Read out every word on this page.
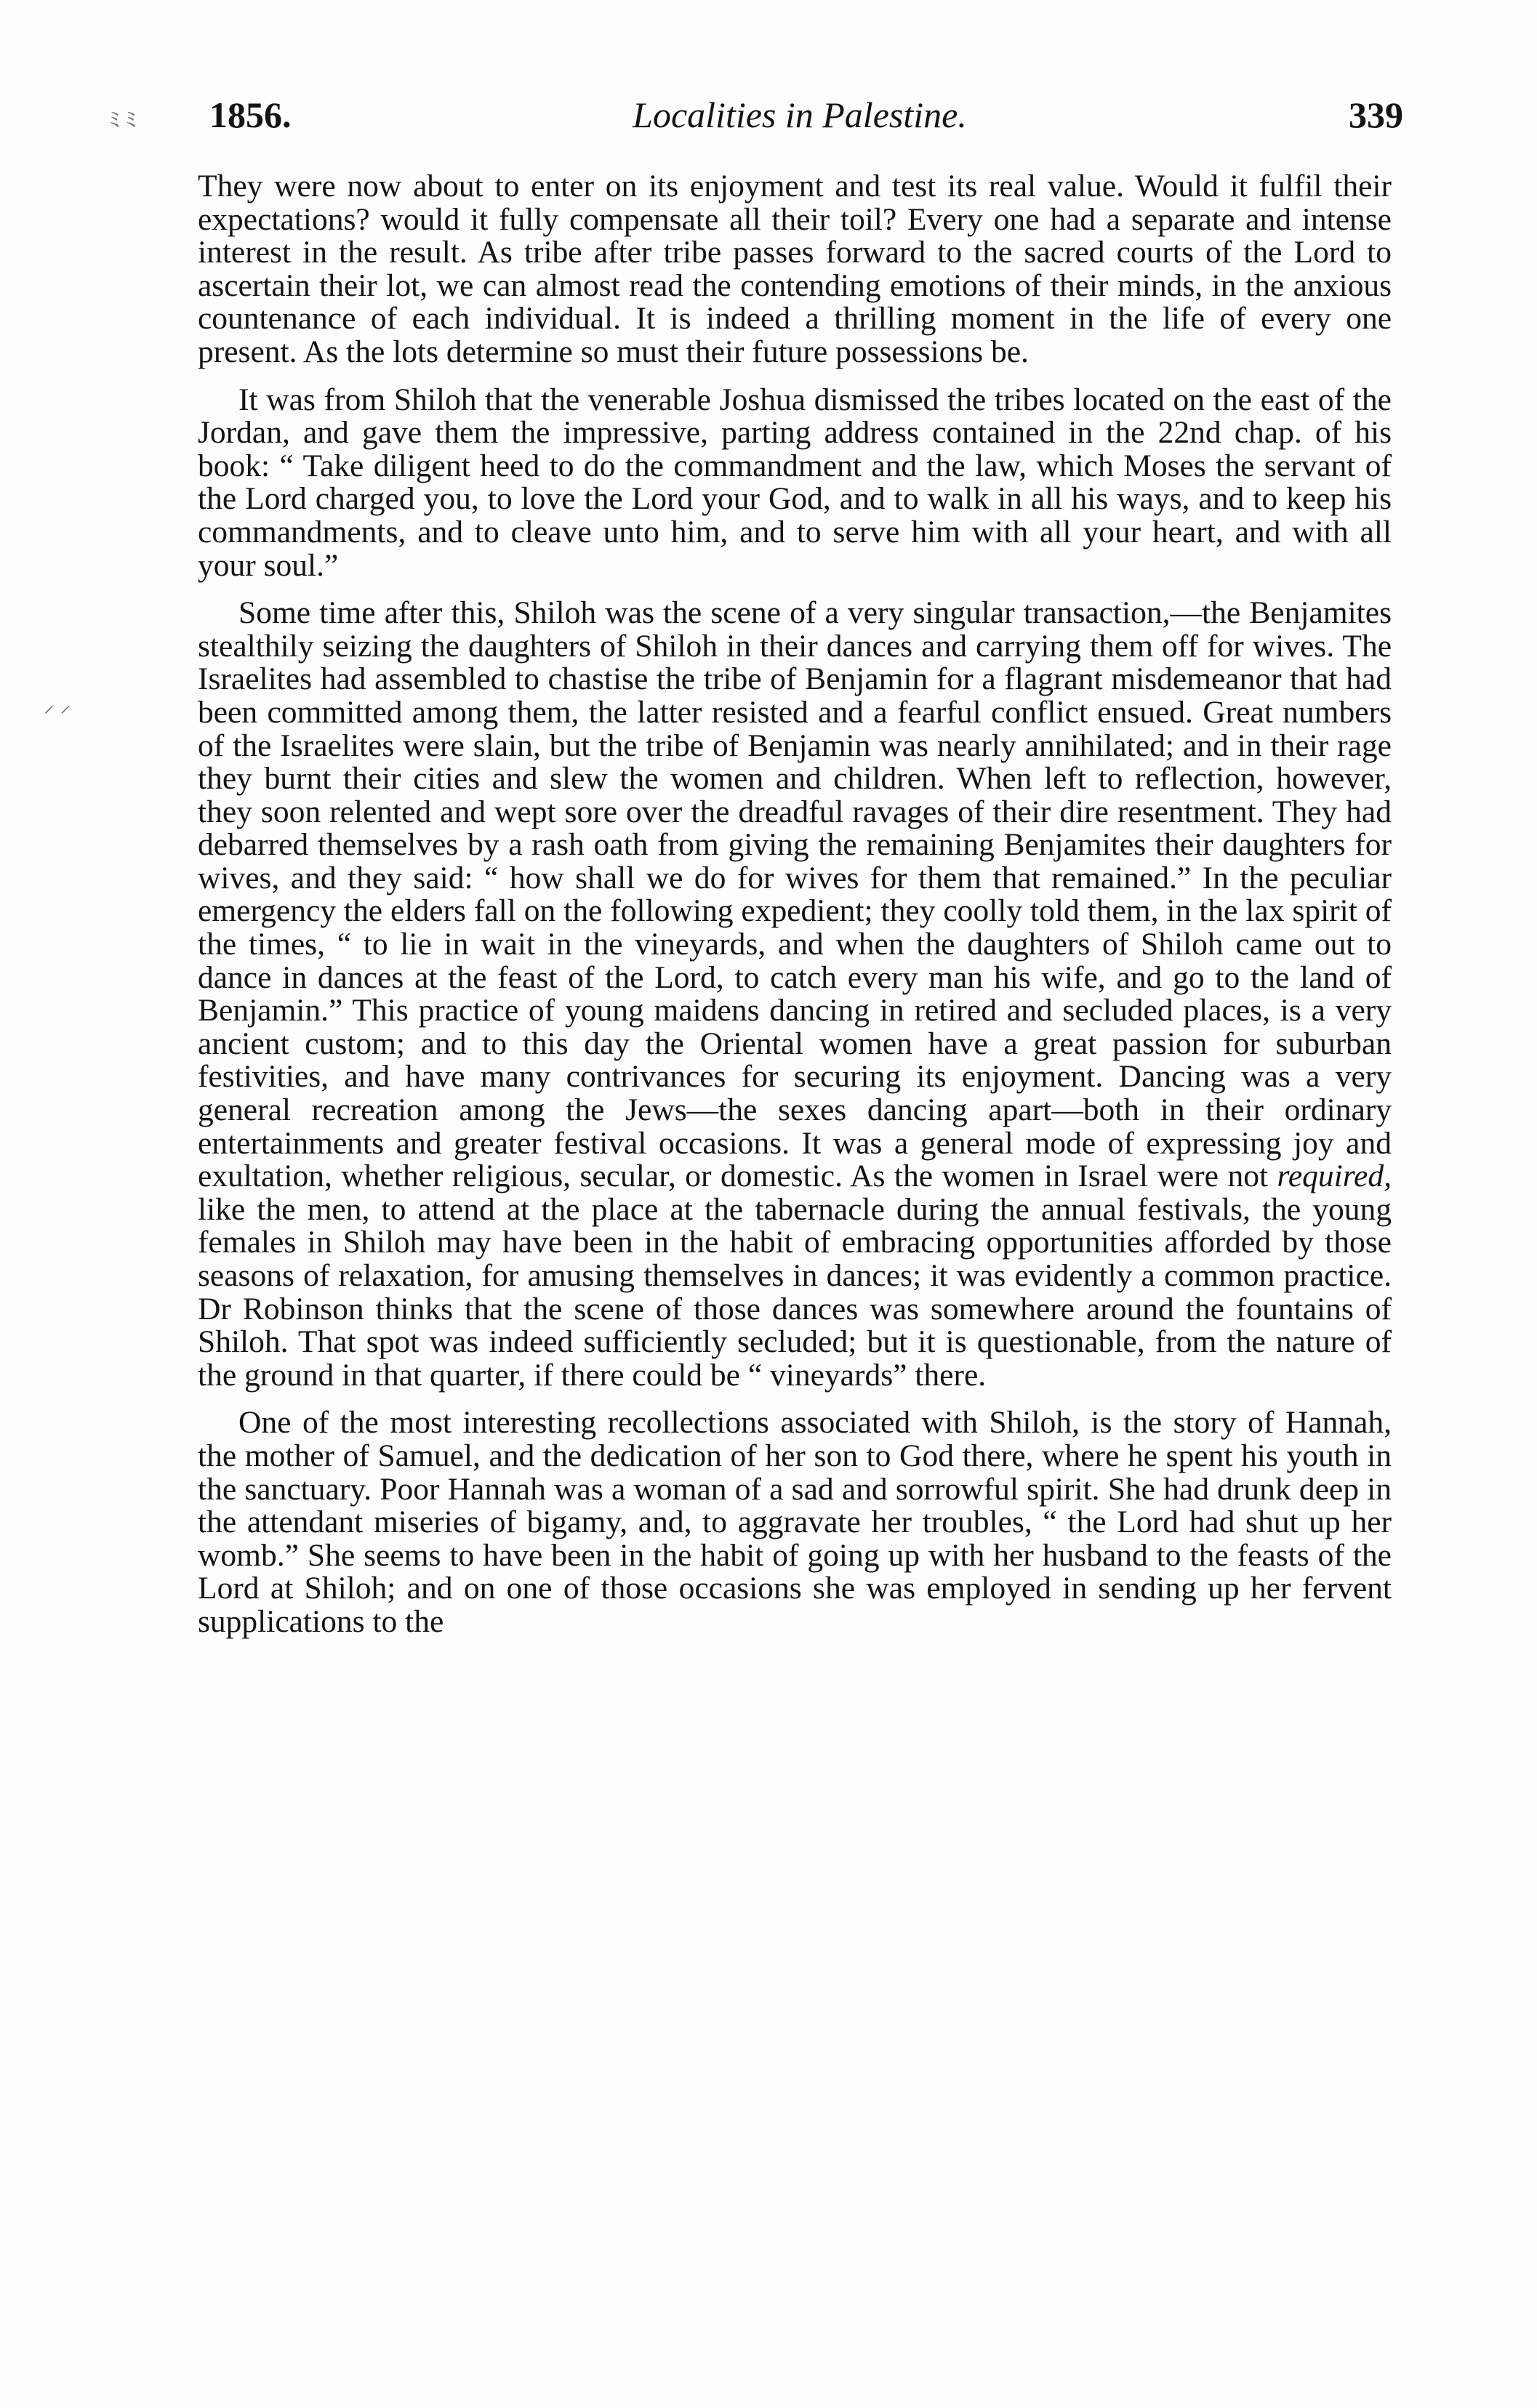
ﾐ ﾐ
⸍ ⸍
1856.	Localities in Palestine.	339

They were now about to enter on its enjoyment and test its real value. Would it fulfil their expectations? would it fully compensate all their toil? Every one had a separate and intense interest in the result. As tribe after tribe passes forward to the sacred courts of the Lord to ascertain their lot, we can almost read the contending emotions of their minds, in the anxious countenance of each individual. It is indeed a thrilling moment in the life of every one present. As the lots determine so must their future possessions be.

It was from Shiloh that the venerable Joshua dismissed the tribes located on the east of the Jordan, and gave them the impressive, parting address contained in the 22nd chap. of his book: “ Take diligent heed to do the commandment and the law, which Moses the servant of the Lord charged you, to love the Lord your God, and to walk in all his ways, and to keep his commandments, and to cleave unto him, and to serve him with all your heart, and with all your soul.”

Some time after this, Shiloh was the scene of a very singular transaction,—the Benjamites stealthily seizing the daughters of Shiloh in their dances and carrying them off for wives. The Israelites had assembled to chastise the tribe of Benjamin for a flagrant misdemeanor that had been committed among them, the latter resisted and a fearful conflict ensued. Great numbers of the Israelites were slain, but the tribe of Benjamin was nearly annihilated; and in their rage they burnt their cities and slew the women and children. When left to reflection, however, they soon relented and wept sore over the dreadful ravages of their dire resentment. They had debarred themselves by a rash oath from giving the remaining Benjamites their daughters for wives, and they said: “ how shall we do for wives for them that remained.” In the peculiar emergency the elders fall on the following expedient; they coolly told them, in the lax spirit of the times, “ to lie in wait in the vineyards, and when the daughters of Shiloh came out to dance in dances at the feast of the Lord, to catch every man his wife, and go to the land of Benjamin.” This practice of young maidens dancing in retired and secluded places, is a very ancient custom; and to this day the Oriental women have a great passion for suburban festivities, and have many contrivances for securing its enjoyment. Dancing was a very general recreation among the Jews—the sexes dancing apart—both in their ordinary entertainments and greater festival occasions. It was a general mode of expressing joy and exultation, whether religious, secular, or domestic. As the women in Israel were not required, like the men, to attend at the place at the tabernacle during the annual festivals, the young females in Shiloh may have been in the habit of embracing opportunities afforded by those seasons of relaxation, for amusing themselves in dances; it was evidently a common practice. Dr Robinson thinks that the scene of those dances was somewhere around the fountains of Shiloh. That spot was indeed sufficiently secluded; but it is questionable, from the nature of the ground in that quarter, if there could be “ vineyards” there.

One of the most interesting recollections associated with Shiloh, is the story of Hannah, the mother of Samuel, and the dedication of her son to God there, where he spent his youth in the sanctuary. Poor Hannah was a woman of a sad and sorrowful spirit. She had drunk deep in the attendant miseries of bigamy, and, to aggravate her troubles, “ the Lord had shut up her womb.” She seems to have been in the habit of going up with her husband to the feasts of the Lord at Shiloh; and on one of those occasions she was employed in sending up her fervent supplications to the
